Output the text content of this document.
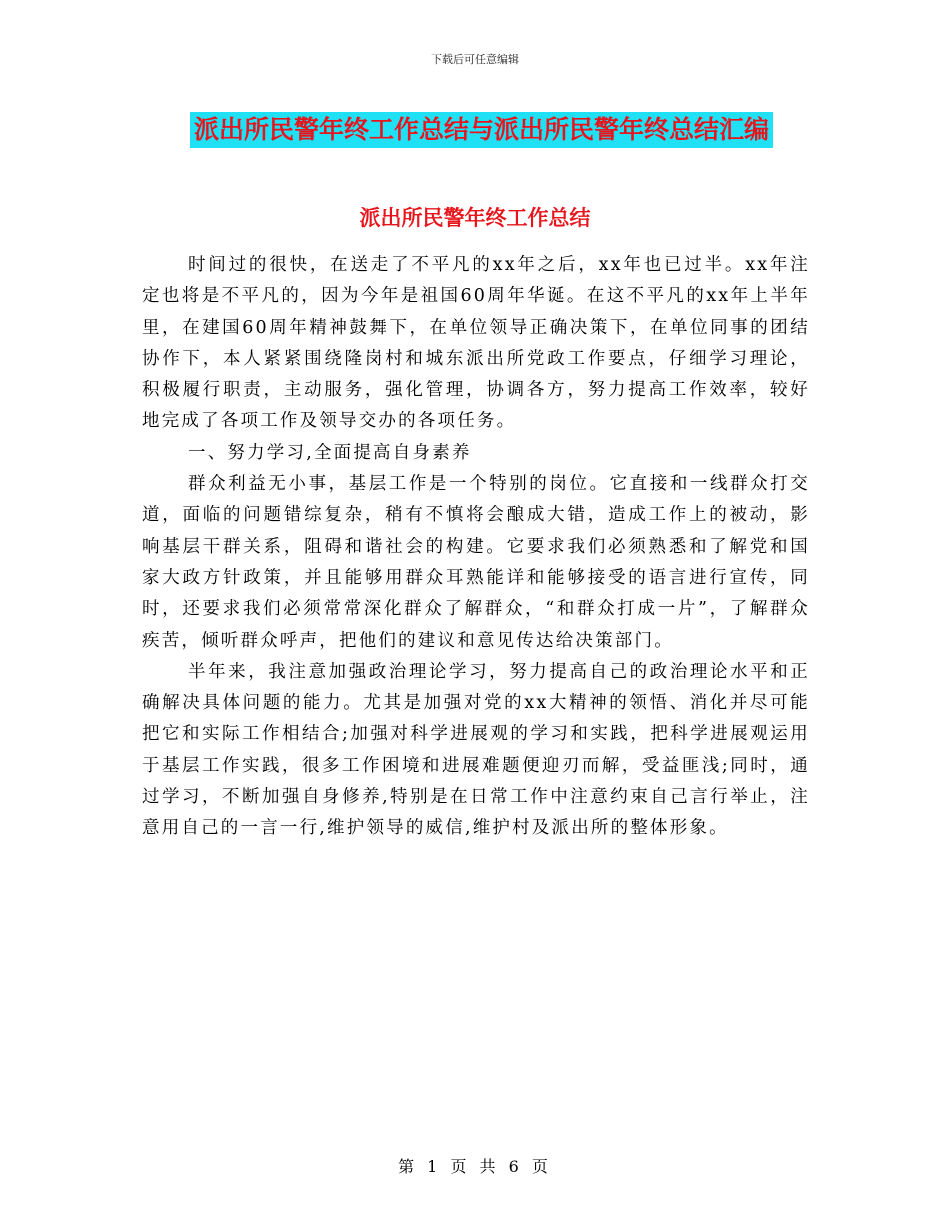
下载后可任意编辑
派出所民警年终工作总结与派出所民警年终总结汇编
派出所民警年终工作总结

时间过的很快，在送走了不平凡的xx年之后，xx年也已过半。xx年注定也将是不平凡的，因为今年是祖国60周年华诞。在这不平凡的xx年上半年里，在建国60周年精神鼓舞下，在单位领导正确决策下，在单位同事的团结协作下，本人紧紧围绕隆岗村和城东派出所党政工作要点，仔细学习理论，积极履行职责，主动服务，强化管理，协调各方，努力提高工作效率，较好地完成了各项工作及领导交办的各项任务。

一、努力学习,全面提高自身素养

群众利益无小事，基层工作是一个特别的岗位。它直接和一线群众打交道，面临的问题错综复杂，稍有不慎将会酿成大错，造成工作上的被动，影响基层干群关系，阻碍和谐社会的构建。它要求我们必须熟悉和了解党和国家大政方针政策，并且能够用群众耳熟能详和能够接受的语言进行宣传，同时，还要求我们必须常常深化群众了解群众，“和群众打成一片”，了解群众疾苦，倾听群众呼声，把他们的建议和意见传达给决策部门。

半年来，我注意加强政治理论学习，努力提高自己的政治理论水平和正确解决具体问题的能力。尤其是加强对党的xx大精神的领悟、消化并尽可能把它和实际工作相结合;加强对科学进展观的学习和实践，把科学进展观运用于基层工作实践，很多工作困境和进展难题便迎刃而解，受益匪浅;同时，通过学习，不断加强自身修养,特别是在日常工作中注意约束自己言行举止，注意用自己的一言一行,维护领导的威信,维护村及派出所的整体形象。

第 1 页 共 6 页
